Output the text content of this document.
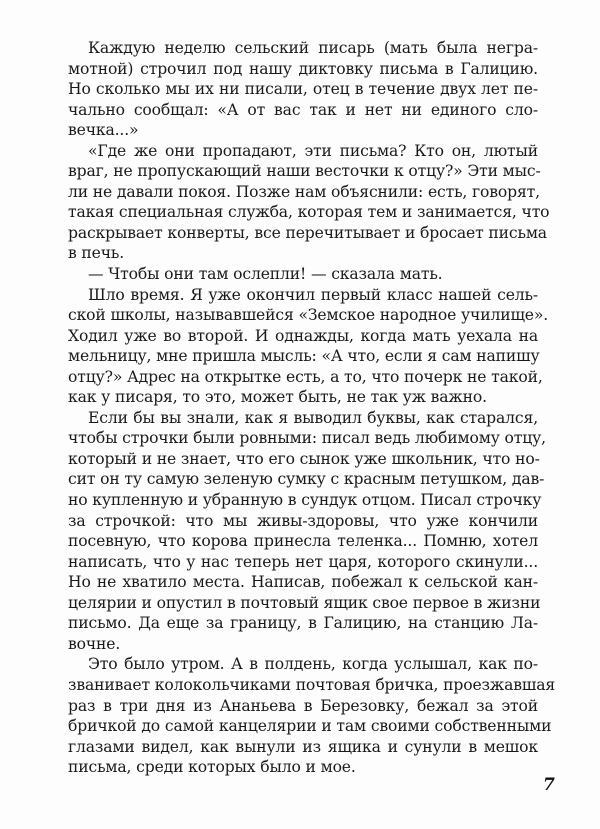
Каждую неделю сельский писарь (мать была негра-
мотной) строчил под нашу диктовку письма в Галицию.
Но сколько мы их ни писали, отец в течение двух лет пе-
чально сообщал: «А от вас так и нет ни единого сло-
вечка...»
«Где же они пропадают, эти письма? Кто он, лютый
враг, не пропускающий наши весточки к отцу?» Эти мыс-
ли не давали покоя. Позже нам объяснили: есть, говорят,
такая специальная служба, которая тем и занимается, что
раскрывает конверты, все перечитывает и бросает письма
в печь.
— Чтобы они там ослепли! — сказала мать.
Шло время. Я уже окончил первый класс нашей сель-
ской школы, называвшейся «Земское народное училище».
Ходил уже во второй. И однажды, когда мать уехала на
мельницу, мне пришла мысль: «А что, если я сам напишу
отцу?» Адрес на открытке есть, а то, что почерк не такой,
как у писаря, то это, может быть, не так уж важно.
Если бы вы знали, как я выводил буквы, как старался,
чтобы строчки были ровными: писал ведь любимому отцу,
который и не знает, что его сынок уже школьник, что но-
сит он ту самую зеленую сумку с красным петушком, дав-
но купленную и убранную в сундук отцом. Писал строчку
за строчкой: что мы живы-здоровы, что уже кончили
посевную, что корова принесла теленка... Помню, хотел
написать, что у нас теперь нет царя, которого скинули...
Но не хватило места. Написав, побежал к сельской кан-
целярии и опустил в почтовый ящик свое первое в жизни
письмо. Да еще за границу, в Галицию, на станцию Ла-
вочне.
Это было утром. А в полдень, когда услышал, как по-
званивает колокольчиками почтовая бричка, проезжавшая
раз в три дня из Ананьева в Березовку, бежал за этой
бричкой до самой канцелярии и там своими собственными
глазами видел, как вынули из ящика и сунули в мешок
письма, среди которых было и мое.
7
